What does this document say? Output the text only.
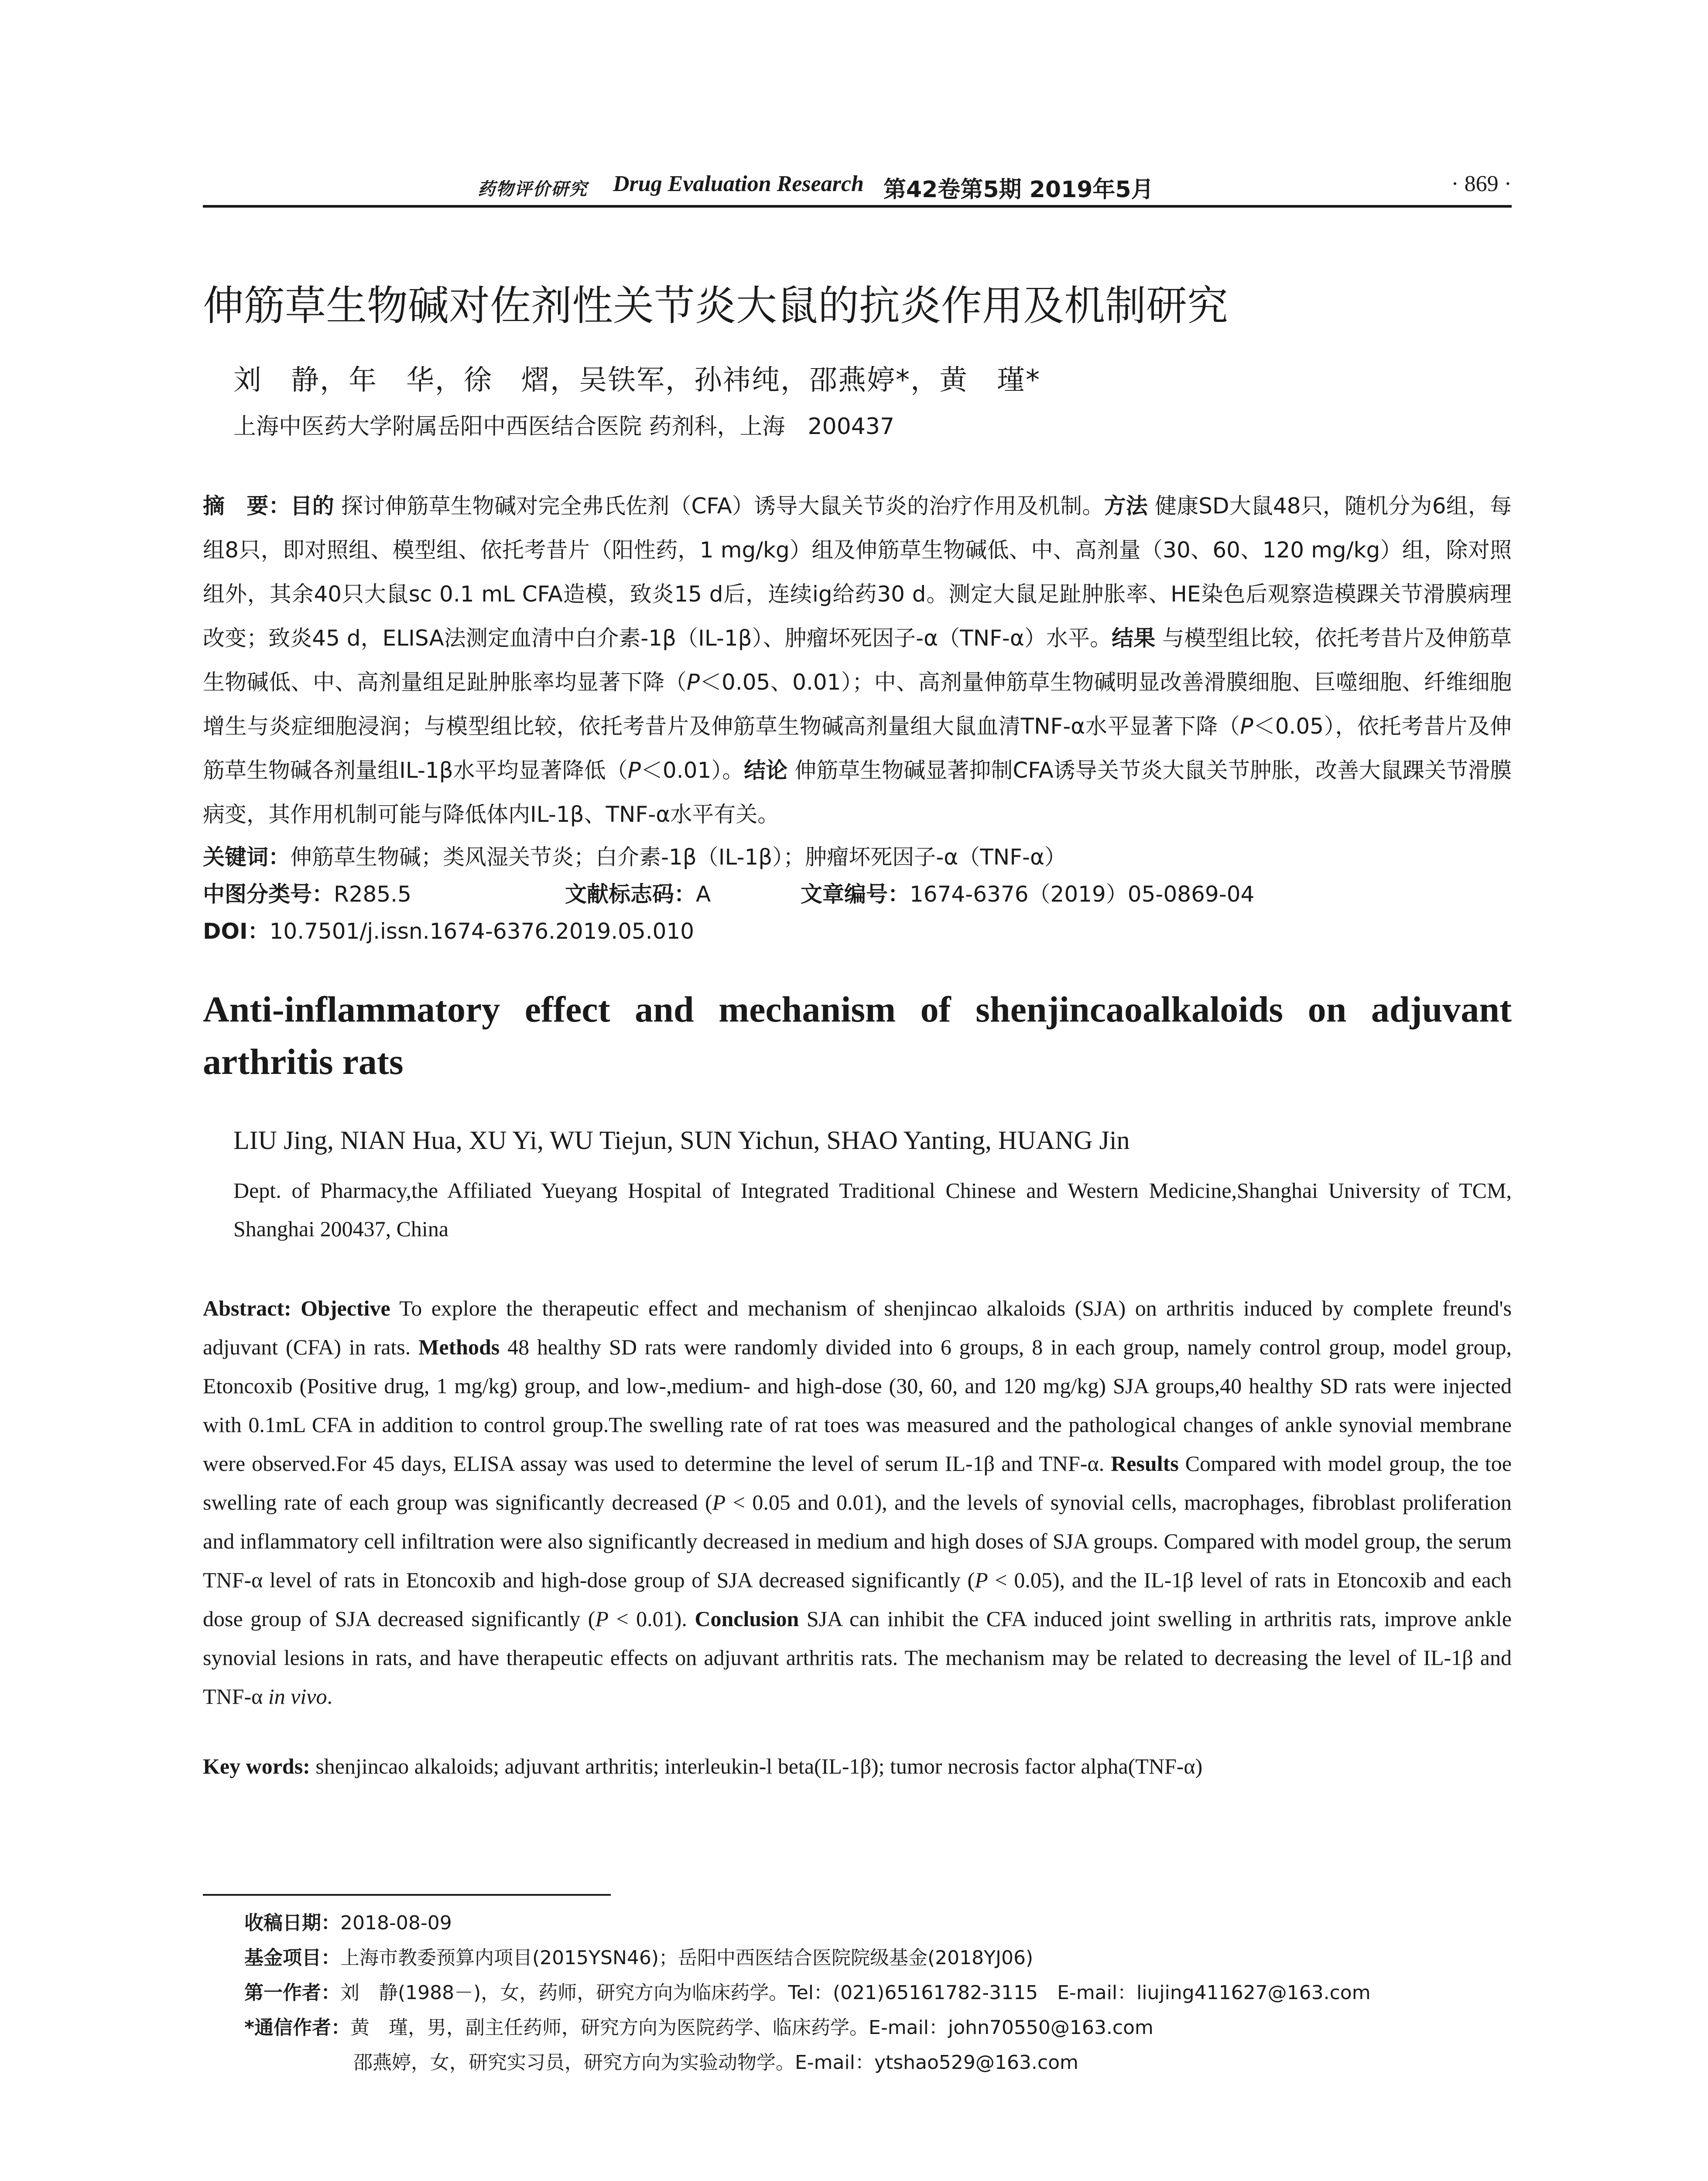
药物评价研究 Drug Evaluation Research 第42卷第5期 2019年5月	· 869 ·
伸筋草生物碱对佐剂性关节炎大鼠的抗炎作用及机制研究
刘　静，年　华，徐　熠，吴铁军，孙祎纯，邵燕婷*，黄　瑾*
上海中医药大学附属岳阳中西医结合医院 药剂科，上海　200437
摘　要：目的 探讨伸筋草生物碱对完全弗氏佐剂（CFA）诱导大鼠关节炎的治疗作用及机制。方法 健康SD大鼠48只，随机分为6组，每组8只，即对照组、模型组、依托考昔片（阳性药，1 mg/kg）组及伸筋草生物碱低、中、高剂量（30、60、120 mg/kg）组，除对照组外，其余40只大鼠sc 0.1 mL CFA造模，致炎15 d后，连续ig给药30 d。测定大鼠足趾肿胀率、HE染色后观察造模踝关节滑膜病理改变；致炎45 d，ELISA法测定血清中白介素-1β（IL-1β）、肿瘤坏死因子-α（TNF-α）水平。结果 与模型组比较，依托考昔片及伸筋草生物碱低、中、高剂量组足趾肿胀率均显著下降（P＜0.05、0.01）；中、高剂量伸筋草生物碱明显改善滑膜细胞、巨噬细胞、纤维细胞增生与炎症细胞浸润；与模型组比较，依托考昔片及伸筋草生物碱高剂量组大鼠血清TNF-α水平显著下降（P＜0.05），依托考昔片及伸筋草生物碱各剂量组IL-1β水平均显著降低（P＜0.01）。结论 伸筋草生物碱显著抑制CFA诱导关节炎大鼠关节肿胀，改善大鼠踝关节滑膜病变，其作用机制可能与降低体内IL-1β、TNF-α水平有关。
关键词：伸筋草生物碱；类风湿关节炎；白介素-1β（IL-1β）；肿瘤坏死因子-α（TNF-α）
中图分类号：R285.5	文献标志码：A	文章编号：1674-6376（2019）05-0869-04
DOI：10.7501/j.issn.1674-6376.2019.05.010
Anti-inflammatory effect and mechanism of shenjincaoalkaloids on adjuvant arthritis rats
LIU Jing, NIAN Hua, XU Yi, WU Tiejun, SUN Yichun, SHAO Yanting, HUANG Jin
Dept. of Pharmacy,the Affiliated Yueyang Hospital of Integrated Traditional Chinese and Western Medicine,Shanghai University of TCM, Shanghai 200437, China
Abstract: Objective To explore the therapeutic effect and mechanism of shenjincao alkaloids (SJA) on arthritis induced by complete freund's adjuvant (CFA) in rats. Methods 48 healthy SD rats were randomly divided into 6 groups, 8 in each group, namely control group, model group, Etoncoxib (Positive drug, 1 mg/kg) group, and low-,medium- and high-dose (30, 60, and 120 mg/kg) SJA groups,40 healthy SD rats were injected with 0.1mL CFA in addition to control group.The swelling rate of rat toes was measured and the pathological changes of ankle synovial membrane were observed.For 45 days, ELISA assay was used to determine the level of serum IL-1β and TNF-α. Results Compared with model group, the toe swelling rate of each group was significantly decreased (P < 0.05 and 0.01), and the levels of synovial cells, macrophages, fibroblast proliferation and inflammatory cell infiltration were also significantly decreased in medium and high doses of SJA groups. Compared with model group, the serum TNF-α level of rats in Etoncoxib and high-dose group of SJA decreased significantly (P < 0.05), and the IL-1β level of rats in Etoncoxib and each dose group of SJA decreased significantly (P < 0.01). Conclusion SJA can inhibit the CFA induced joint swelling in arthritis rats, improve ankle synovial lesions in rats, and have therapeutic effects on adjuvant arthritis rats. The mechanism may be related to decreasing the level of IL-1β and TNF-α in vivo.
Key words: shenjincao alkaloids; adjuvant arthritis; interleukin-l beta(IL-1β); tumor necrosis factor alpha(TNF-α)
收稿日期：2018-08-09
基金项目：上海市教委预算内项目(2015YSN46)；岳阳中西医结合医院院级基金(2018YJ06)
第一作者：刘　静(1988－)，女，药师，研究方向为临床药学。Tel：(021)65161782-3115　E-mail：liujing411627@163.com
*通信作者：黄　瑾，男，副主任药师，研究方向为医院药学、临床药学。E-mail：john70550@163.com
邵燕婷，女，研究实习员，研究方向为实验动物学。E-mail：ytshao529@163.com
